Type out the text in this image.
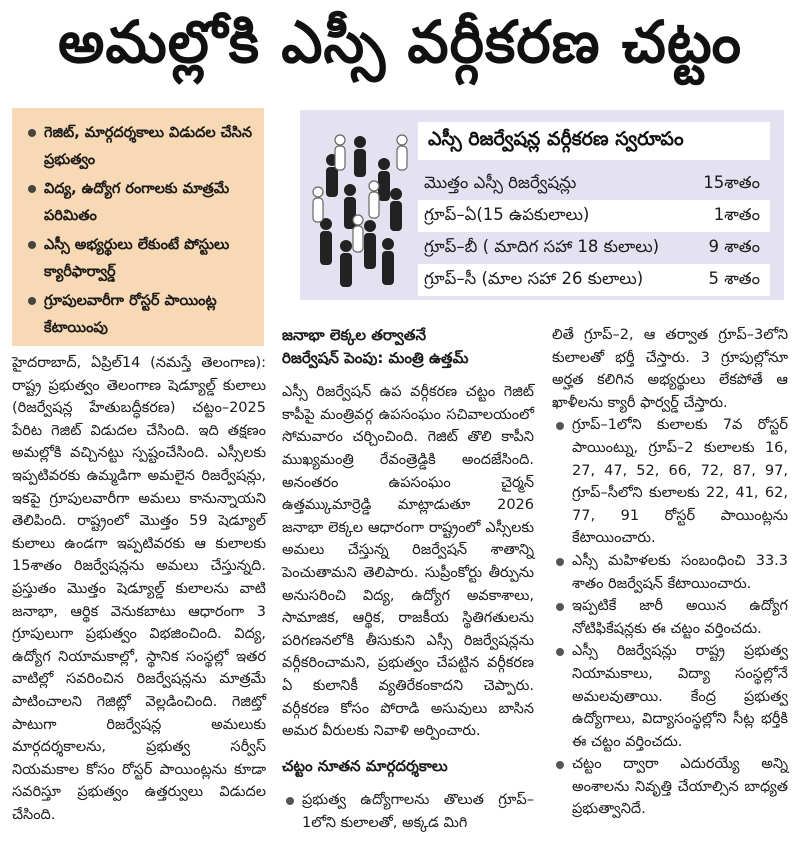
అమల్లోకి ఎస్సీ వర్గీకరణ చట్టం
గెజిట్, మార్గదర్శకాలు విడుదల చేసిన ప్రభుత్వం
విద్య, ఉద్యోగ రంగాలకు మాత్రమే పరిమితం
ఎస్సీ అభ్యర్థులు లేకుంటే పోస్టులు క్యారీఫార్వార్డ్
గ్రూపులవారీగా రోస్టర్ పాయింట్ల కేటాయింపు
ఎస్సీ రిజర్వేషన్ల వర్గీకరణ స్వరూపం
మొత్తం ఎస్సీ రిజర్వేషన్లు	15శాతం
గ్రూప్–ఏ(15 ఉపకులాలు)	1శాతం
గ్రూప్–బీ ( మాదిగ సహా 18 కులాలు)	9 శాతం
గ్రూప్–సీ (మాల సహా 26 కులాలు)	5 శాతం

హైదరాబాద్, ఏప్రిల్14 (నమస్తే తెలంగాణ): రాష్ట్ర ప్రభుత్వం తెలంగాణ షెడ్యూల్డ్ కులాలు (రిజర్వేషన్ల హేతుబద్ధీకరణ) చట్టం–2025 పేరిట గెజిట్ విడుదల చేసింది. ఇది తక్షణం అమల్లోకి వచ్చినట్టు స్పష్టంచేసింది. ఎస్సీలకు ఇప్పటివరకు ఉమ్మడిగా అమలైన రిజర్వేషన్లు, ఇకపై గ్రూపులవారీగా అమలు కానున్నాయని తెలిపింది. రాష్ట్రంలో మొత్తం 59 షెడ్యూల్ కులాలు ఉండగా ఇప్పటివరకు ఆ కులాలకు 15శాతం రిజర్వేషన్లను అమలు చేస్తున్నది. ప్రస్తుతం మొత్తం షెడ్యూల్డ్ కులాలను వాటి జనాభా, ఆర్థిక వెనుకబాటు ఆధారంగా 3 గ్రూపులుగా ప్రభుత్వం విభజించింది. విద్య, ఉద్యోగ నియామకాల్లో, స్థానిక సంస్థల్లో ఇతర వాటిల్లో సవరించిన రిజర్వేషన్లను మాత్రమే పాటించాలని గెజిట్లో వెల్లడించింది. గెజిట్తో పాటుగా రిజర్వేషన్ల అమలుకు మార్గదర్శకాలను, ప్రభుత్వ సర్వీస్ నియమకాల కోసం రోస్టర్ పాయింట్లను కూడా సవరిస్తూ ప్రభుత్వం ఉత్తర్వులు విడుదల చేసింది.

జనాభా లెక్కల తర్వాతనే
రిజర్వేషన్ పెంపు: మంత్రి ఉత్తమ్

ఎస్సీ రిజర్వేషన్ ఉప వర్గీకరణ చట్టం గెజిట్ కాపీపై మంత్రివర్గ ఉపసంఘం సచివాలయంలో సోమవారం చర్చించింది. గెజిట్ తొలి కాపీని ముఖ్యమంత్రి రేవంత్రెడ్డికి అందజేసింది. అనంతరం ఉపసంఘం చైర్మన్ ఉత్తమ్కుమార్రెడ్డి మాట్లాడుతూ 2026 జనాభా లెక్కల ఆధారంగా రాష్ట్రంలో ఎస్సీలకు అమలు చేస్తున్న రిజర్వేషన్ శాతాన్ని పెంచుతామని తెలిపారు. సుప్రీంకోర్టు తీర్పును అనుసరించి విద్య, ఉద్యోగ అవకాశాలు, సామాజిక, ఆర్థిక, రాజకీయ స్థితిగతులను పరిగణనలోకి తీసుకుని ఎస్సీ రిజర్వేషన్లను వర్గీకరించామని, ప్రభుత్వం చేపట్టిన వర్గీకరణ ఏ కులానికీ వ్యతిరేకంకాదని చెప్పారు. వర్గీకరణ కోసం పోరాడి అసువులు బాసిన అమర వీరులకు నివాళి అర్పించారు.

చట్టం నూతన మార్గదర్శకాలు

ప్రభుత్వ ఉద్యోగాలను తొలుత గ్రూప్–1లోని కులాలతో, అక్కడ మిగి

లితే గ్రూప్–2, ఆ తర్వాత గ్రూప్–3లోని కులాలతో భర్తీ చేస్తారు. 3 గ్రూపుల్లోనూ అర్హత కలిగిన అభ్యర్థులు లేకపోతే ఆ ఖాళీలను క్యారీ ఫార్వర్డ్ చేస్తారు.

గ్రూప్–1లోని కులాలకు 7వ రోస్టర్ పాయింట్ను, గ్రూప్–2 కులాలకు 16, 27, 47, 52, 66, 72, 87, 97, గ్రూప్–సీలోని కులాలకు 22, 41, 62, 77, 91 రోస్టర్ పాయింట్లను కేటాయించారు.

ఎస్సీ మహిళలకు సంబంధించి 33.3 శాతం రిజర్వేషన్ కేటాయించారు.

ఇప్పటికే జారీ అయిన ఉద్యోగ నోటిఫికేషన్లకు ఈ చట్టం వర్తించదు.

ఎస్సీ రిజర్వేషన్లు రాష్ట్ర ప్రభుత్వ నియామకాలు, విద్యా సంస్థల్లోనే అమలవుతాయి. కేంద్ర ప్రభుత్వ ఉద్యోగాలు, విద్యాసంస్థల్లోని సీట్ల భర్తీకి ఈ చట్టం వర్తించదు.

చట్టం ద్వారా ఎదురయ్యే అన్ని అంశాలను నివృత్తి చేయాల్సిన బాధ్యత ప్రభుత్వానిదే.
